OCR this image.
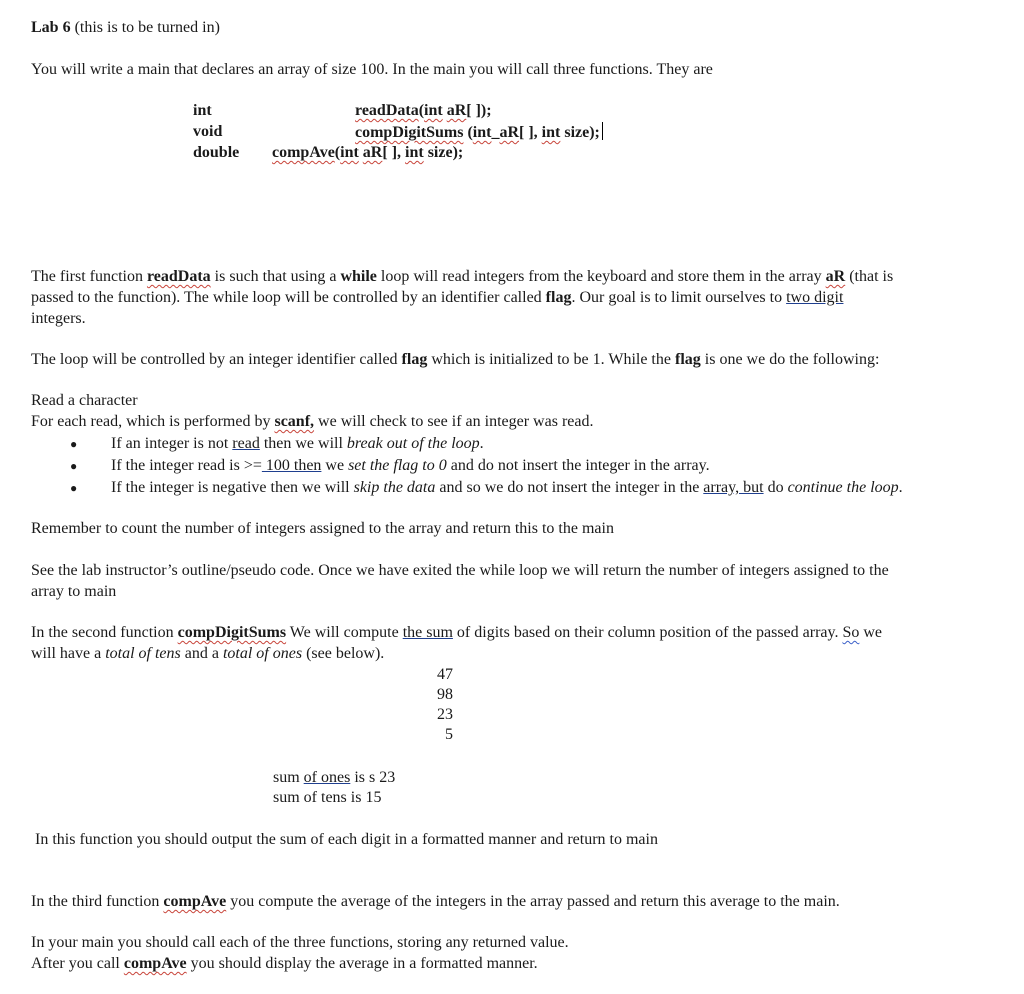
Lab 6 (this is to be turned in)
You will write a main that declares an array of size 100. In the main you will call three functions. They are
int	readData(int aR[ ]);
void	compDigitSums (int_aR[ ], int size);
double compAve(int aR[ ], int size);
The first function readData is such that using a while loop will read integers from the keyboard and store them in the array aR (that is
passed to the function). The while loop will be controlled by an identifier called flag. Our goal is to limit ourselves to two digit
integers.
The loop will be controlled by an integer identifier called flag which is initialized to be 1. While the flag is one we do the following:
Read a character
For each read, which is performed by scanf, we will check to see if an integer was read.
● If an integer is not read then we will break out of the loop.
● If the integer read is >= 100 then we set the flag to 0 and do not insert the integer in the array.
● If the integer is negative then we will skip the data and so we do not insert the integer in the array, but do continue the loop.
Remember to count the number of integers assigned to the array and return this to the main
See the lab instructor’s outline/pseudo code. Once we have exited the while loop we will return the number of integers assigned to the
array to main
In the second function compDigitSums We will compute the sum of digits based on their column position of the passed array. So we
will have a total of tens and a total of ones (see below).
47
98
23
5
sum of ones is s 23
sum of tens is 15
In this function you should output the sum of each digit in a formatted manner and return to main
In the third function compAve you compute the average of the integers in the array passed and return this average to the main.
In your main you should call each of the three functions, storing any returned value.
After you call compAve you should display the average in a formatted manner.
